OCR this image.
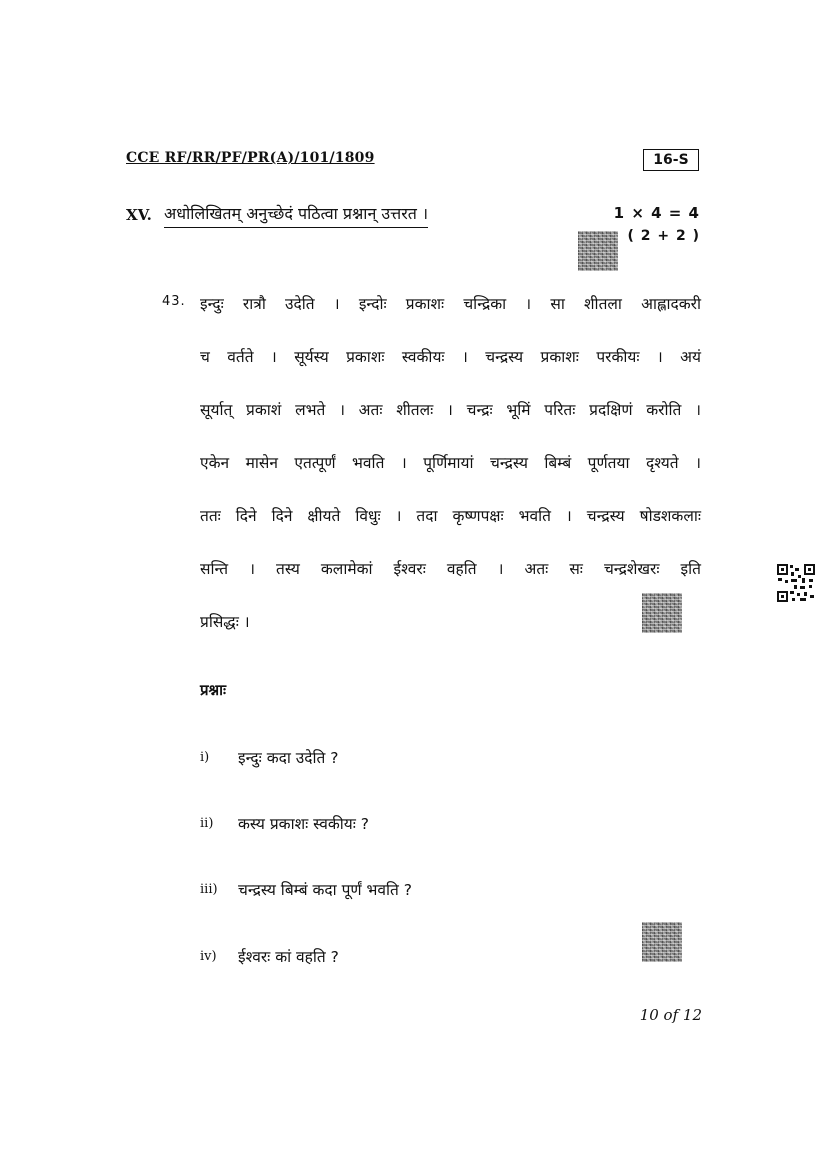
CCE RF/RR/PF/PR(A)/101/1809	16-S
XV. अधोलिखितम् अनुच्छेदं पठित्वा प्रश्नान् उत्तरत ।	1 × 4 = 4
( 2 + 2 )
43. इन्दुः रात्रौ उदेति । इन्दोः प्रकाशः चन्द्रिका । सा शीतला आह्लादकरी
च वर्तते । सूर्यस्य प्रकाशः स्वकीयः । चन्द्रस्य प्रकाशः परकीयः । अयं
सूर्यात् प्रकाशं लभते । अतः शीतलः । चन्द्रः भूमिं परितः प्रदक्षिणं करोति ।
एकेन मासेन एतत्पूर्णं भवति । पूर्णिमायां चन्द्रस्य बिम्बं पूर्णतया दृश्यते ।
ततः दिने दिने क्षीयते विधुः । तदा कृष्णपक्षः भवति । चन्द्रस्य षोडशकलाः
सन्ति । तस्य कलामेकां ईश्वरः वहति । अतः सः चन्द्रशेखरः इति
प्रसिद्धः ।
प्रश्नाः
i) इन्दुः कदा उदेति ?
ii) कस्य प्रकाशः स्वकीयः ?
iii) चन्द्रस्य बिम्बं कदा पूर्णं भवति ?
iv) ईश्वरः कां वहति ?
10 of 12
